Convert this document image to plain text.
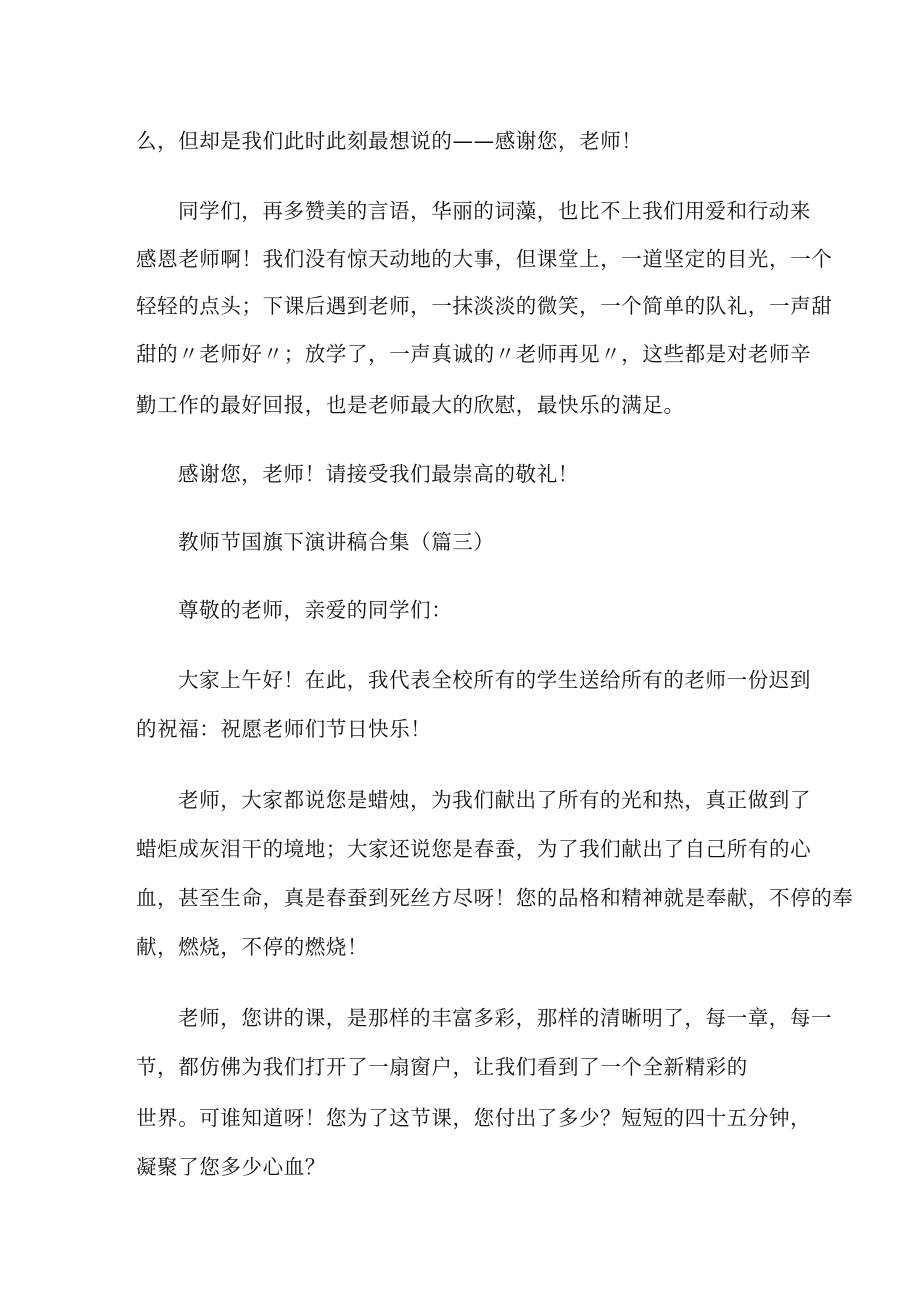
么，但却是我们此时此刻最想说的——感谢您，老师！
同学们，再多赞美的言语，华丽的词藻，也比不上我们用爱和行动来
感恩老师啊！我们没有惊天动地的大事，但课堂上，一道坚定的目光，一个
轻轻的点头；下课后遇到老师，一抹淡淡的微笑，一个简单的队礼，一声甜
甜的〃老师好〃；放学了，一声真诚的〃老师再见〃，这些都是对老师辛
勤工作的最好回报，也是老师最大的欣慰，最快乐的满足。
感谢您，老师！请接受我们最崇高的敬礼！
教师节国旗下演讲稿合集（篇三）
尊敬的老师，亲爱的同学们：
大家上午好！在此，我代表全校所有的学生送给所有的老师一份迟到
的祝福：祝愿老师们节日快乐！
老师，大家都说您是蜡烛，为我们献出了所有的光和热，真正做到了
蜡炬成灰泪干的境地；大家还说您是春蚕，为了我们献出了自己所有的心
血，甚至生命，真是春蚕到死丝方尽呀！您的品格和精神就是奉献，不停的奉
献，燃烧，不停的燃烧！
老师，您讲的课，是那样的丰富多彩，那样的清晰明了，每一章，每一
节，都仿佛为我们打开了一扇窗户，让我们看到了一个全新精彩的
世界。可谁知道呀！您为了这节课，您付出了多少？短短的四十五分钟，
凝聚了您多少心血？
